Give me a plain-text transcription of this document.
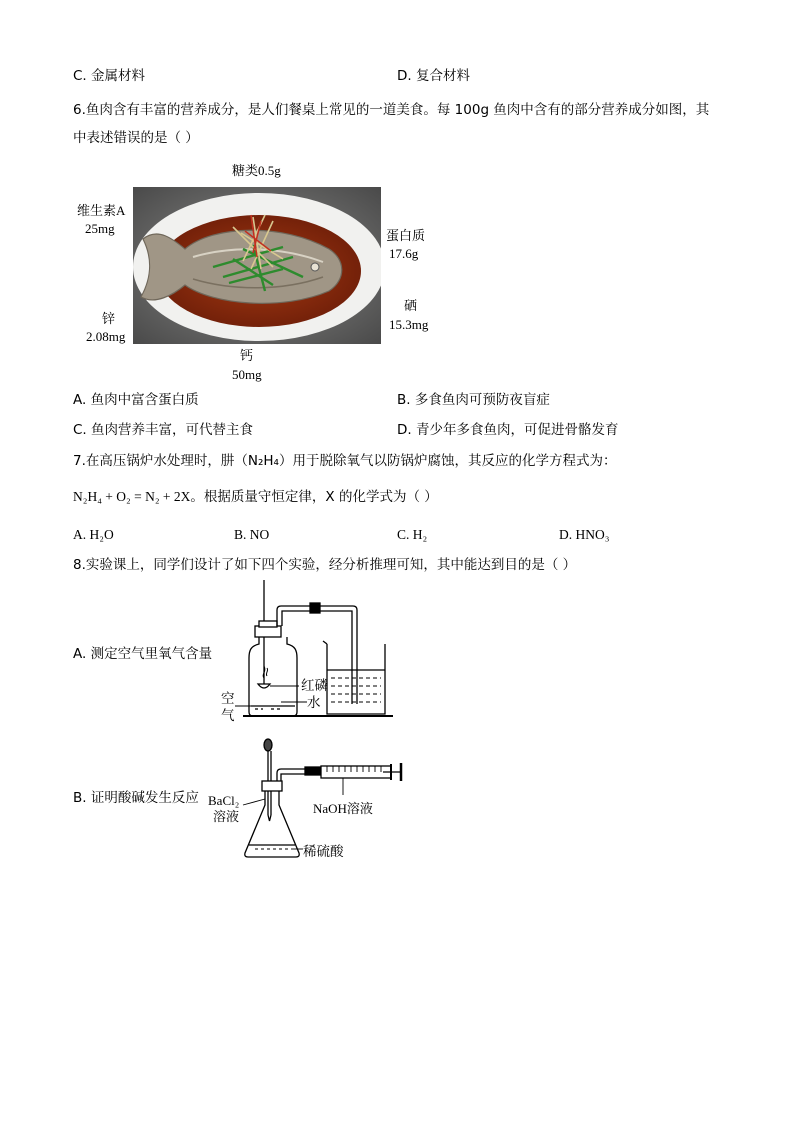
C. 金属材料	D. 复合材料
6.鱼肉含有丰富的营养成分，是人们餐桌上常见的一道美食。每 100g 鱼肉中含有的部分营养成分如图，其
中表述错误的是（ ）
糖类0.5g
维生素A
25mg	蛋白质
17.6g
硒
15.3mg
锌
2.08mg
钙
50mg
A. 鱼肉中富含蛋白质	B. 多食鱼肉可预防夜盲症
C. 鱼肉营养丰富，可代替主食	D. 青少年多食鱼肉，可促进骨骼发育
7.在高压锅炉水处理时，肼（N₂H₄）用于脱除氧气以防锅炉腐蚀，其反应的化学方程式为：
N₂H₄ + O₂ = N₂ + 2X。根据质量守恒定律，X 的化学式为（ ）
A. H₂O	B. NO	C. H₂	D. HNO₃
8.实验课上，同学们设计了如下四个实验，经分析推理可知，其中能达到目的是（ ）
A. 测定空气里氧气含量
红磷
水
空
气
B. 证明酸碱发生反应 BaCl₂
溶液
NaOH溶液
稀硫酸
